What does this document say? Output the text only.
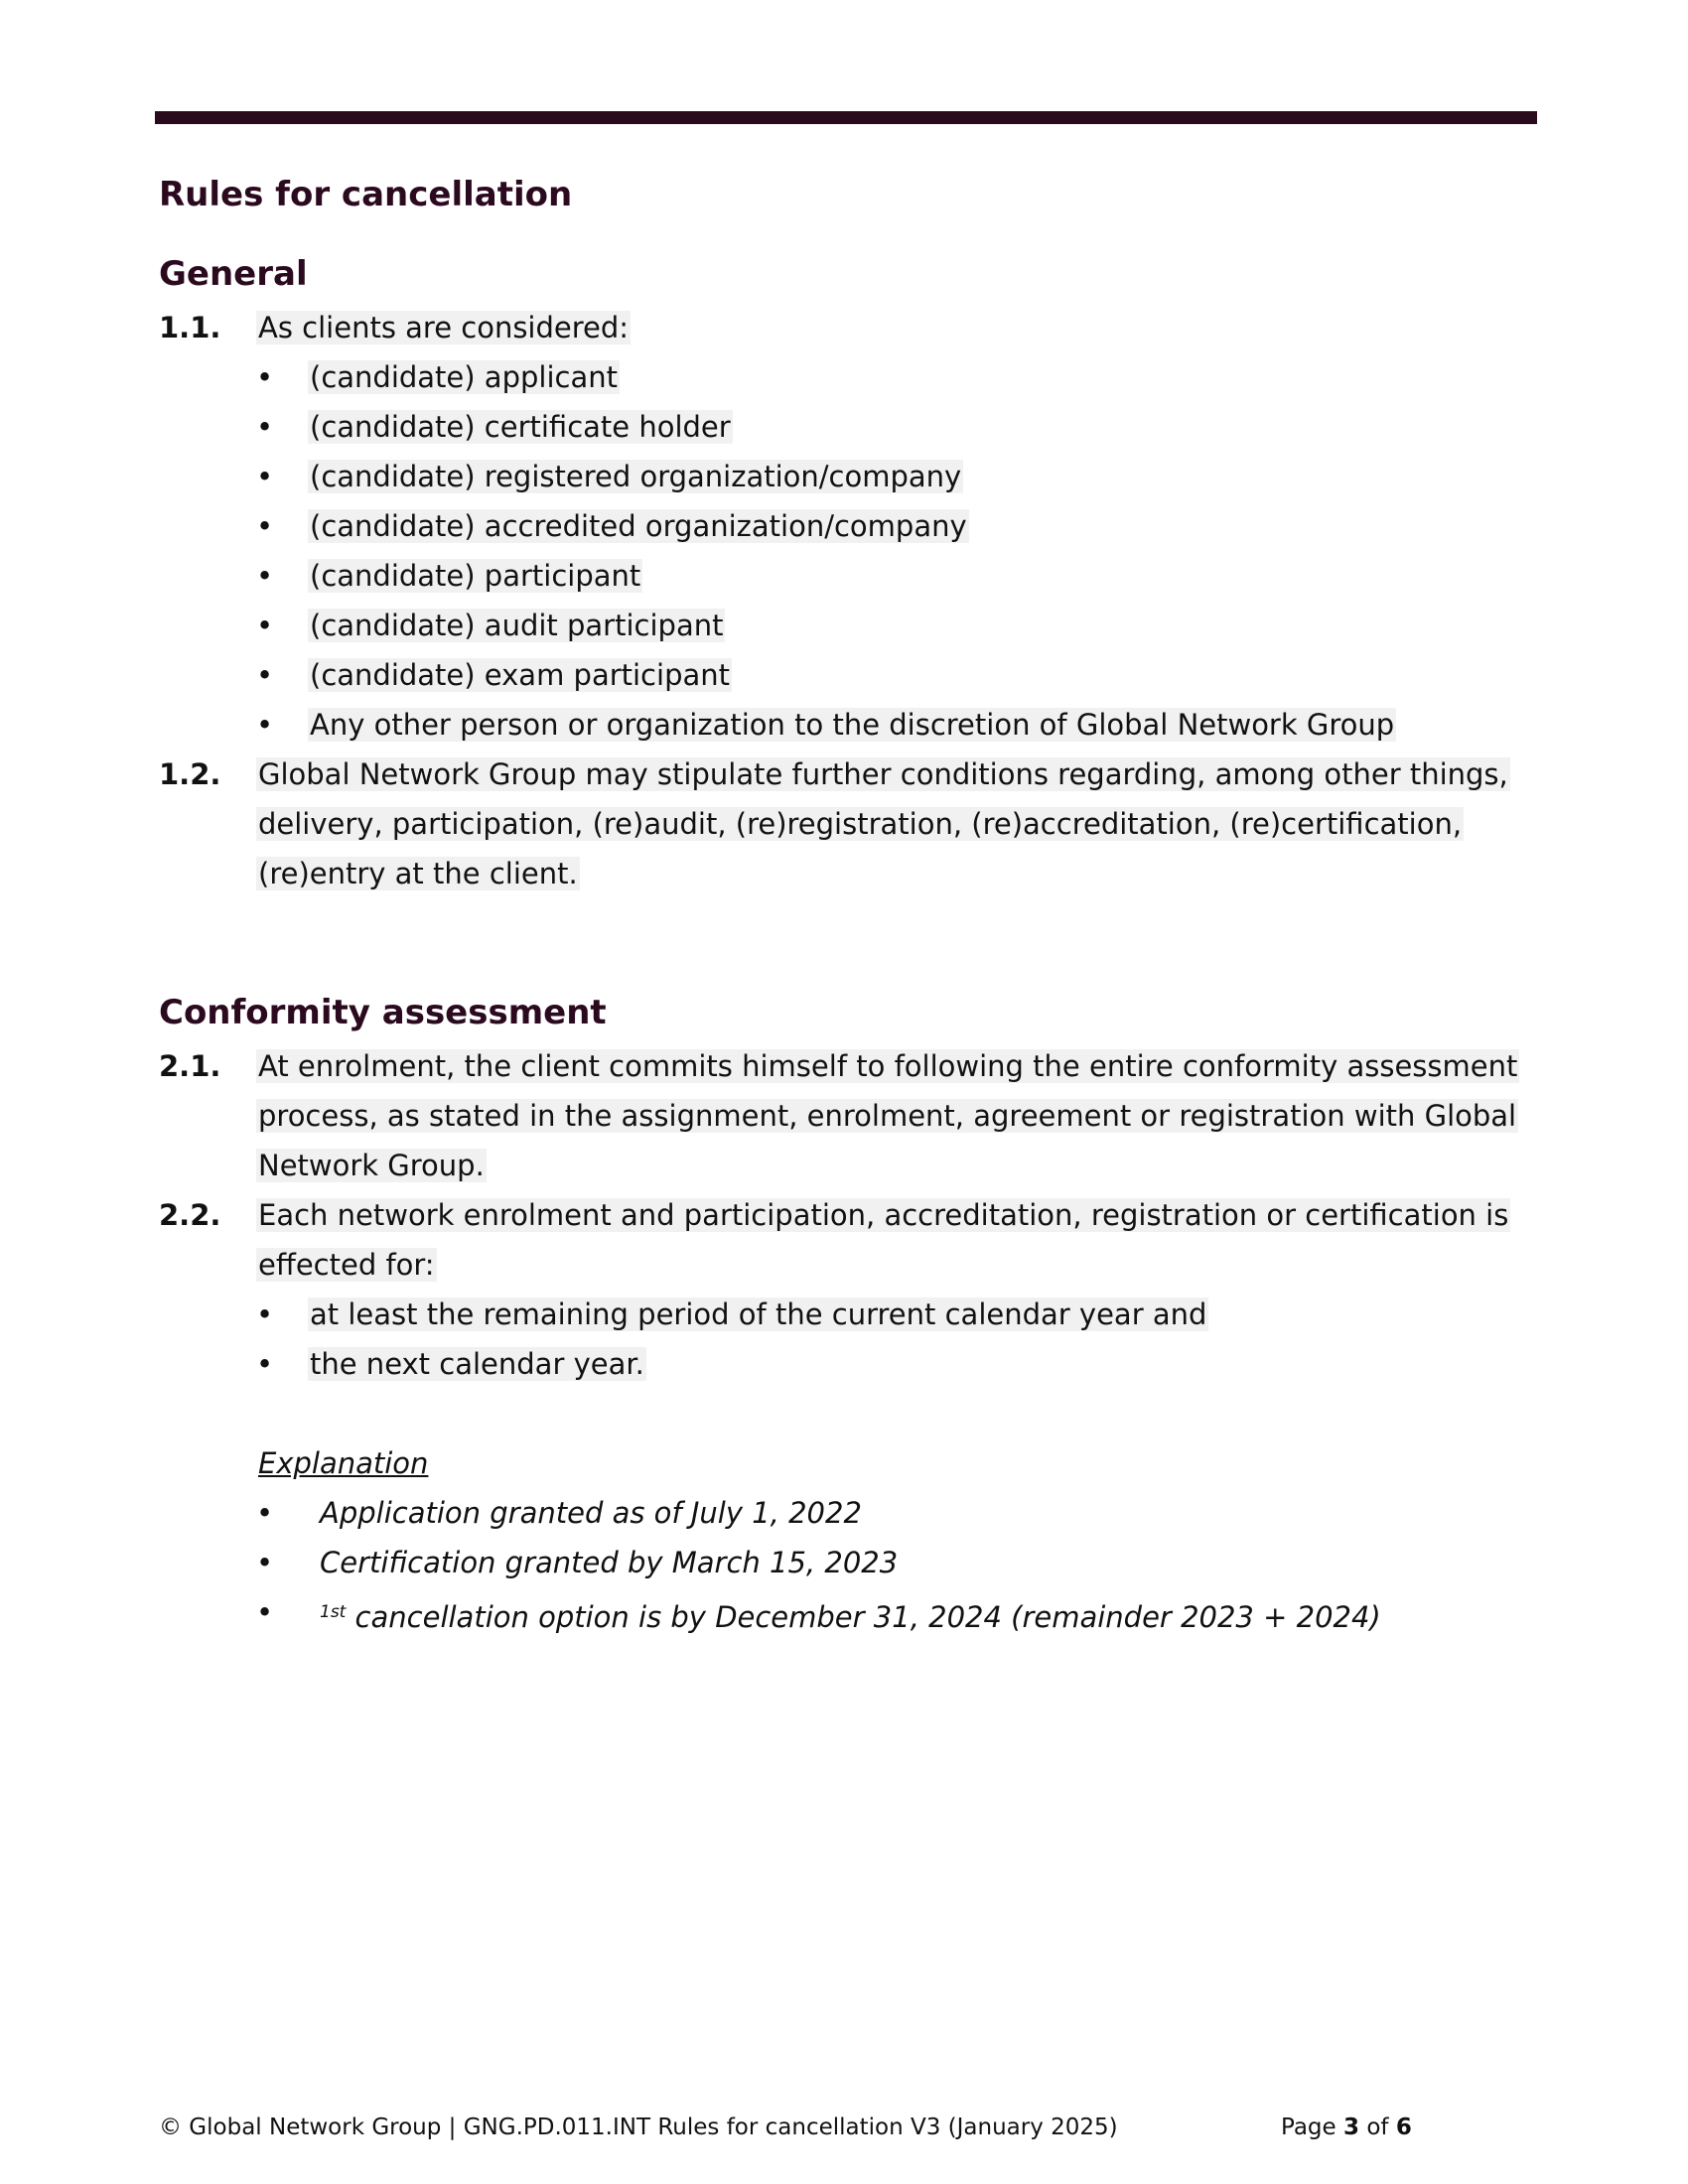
Rules for cancellation
General
1.1. As clients are considered:
• (candidate) applicant
• (candidate) certificate holder
• (candidate) registered organization/company
• (candidate) accredited organization/company
• (candidate) participant
• (candidate) audit participant
• (candidate) exam participant
• Any other person or organization to the discretion of Global Network Group
1.2. Global Network Group may stipulate further conditions regarding, among other things,
delivery, participation, (re)audit, (re)registration, (re)accreditation, (re)certification,
(re)entry at the client.
Conformity assessment
2.1. At enrolment, the client commits himself to following the entire conformity assessment
process, as stated in the assignment, enrolment, agreement or registration with Global
Network Group.
2.2. Each network enrolment and participation, accreditation, registration or certification is
effected for:
• at least the remaining period of the current calendar year and
• the next calendar year.
Explanation
• Application granted as of July 1, 2022
• Certification granted by March 15, 2023
•	$^{1st}$ cancellation option is by December 31, 2024 (remainder 2023 + 2024)
© Global Network Group | GNG.PD.011.INT Rules for cancellation V3 (January 2025)	Page 3 of 6
